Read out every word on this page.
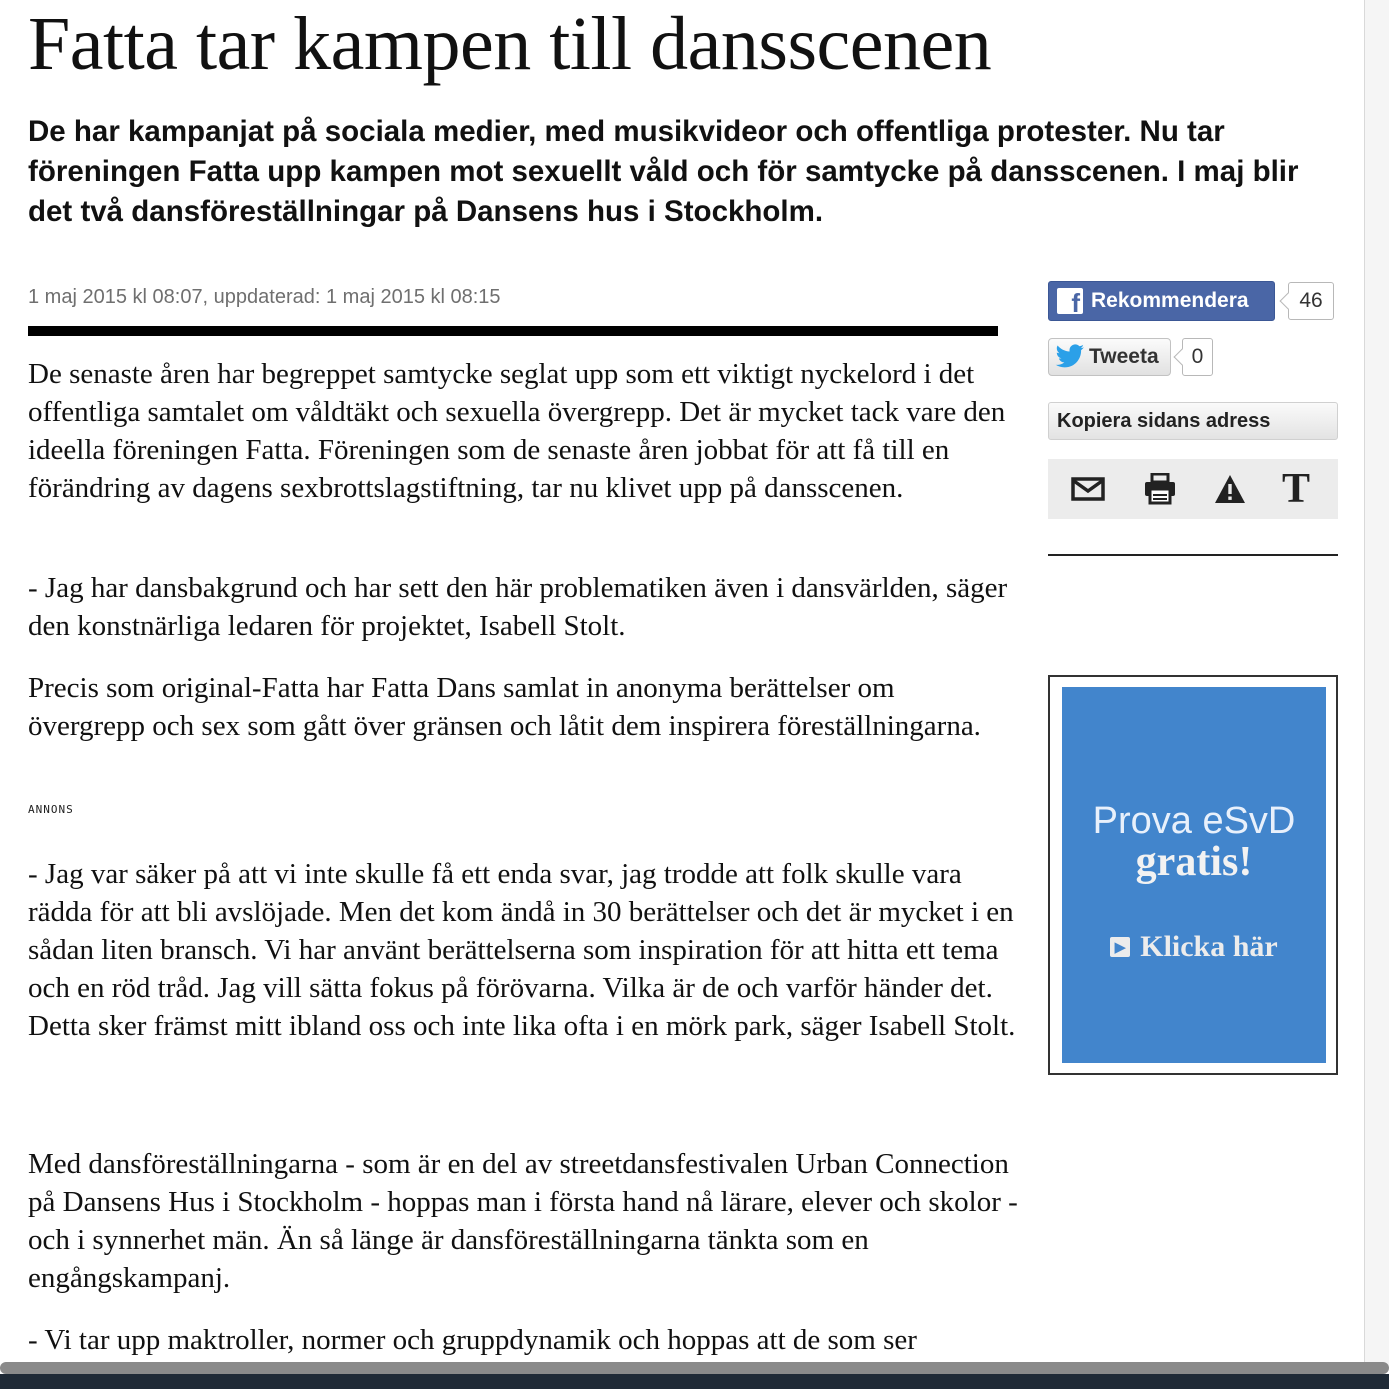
Fatta tar kampen till dansscenen

De har kampanjat på sociala medier, med musikvideor och offentliga protester. Nu tar föreningen Fatta upp kampen mot sexuellt våld och för samtycke på dansscenen. I maj blir det två dansföreställningar på Dansens hus i Stockholm.

1 maj 2015 kl 08:07, uppdaterad: 1 maj 2015 kl 08:15

De senaste åren har begreppet samtycke seglat upp som ett viktigt nyckelord i det offentliga samtalet om våldtäkt och sexuella övergrepp. Det är mycket tack vare den ideella föreningen Fatta. Föreningen som de senaste åren jobbat för att få till en förändring av dagens sexbrottslagstiftning, tar nu klivet upp på dansscenen.

- Jag har dansbakgrund och har sett den här problematiken även i dansvärlden, säger den konstnärliga ledaren för projektet, Isabell Stolt.

Precis som original-Fatta har Fatta Dans samlat in anonyma berättelser om övergrepp och sex som gått över gränsen och låtit dem inspirera föreställningarna.

ANNONS

- Jag var säker på att vi inte skulle få ett enda svar, jag trodde att folk skulle vara rädda för att bli avslöjade. Men det kom ändå in 30 berättelser och det är mycket i en sådan liten bransch. Vi har använt berättelserna som inspiration för att hitta ett tema och en röd tråd. Jag vill sätta fokus på förövarna. Vilka är de och varför händer det. Detta sker främst mitt ibland oss och inte lika ofta i en mörk park, säger Isabell Stolt.

Med dansföreställningarna - som är en del av streetdansfestivalen Urban Connection på Dansens Hus i Stockholm - hoppas man i första hand nå lärare, elever och skolor - och i synnerhet män. Än så länge är dansföreställningarna tänkta som en engångskampanj.

- Vi tar upp maktroller, normer och gruppdynamik och hoppas att de som ser

f Rekommendera	46
Tweeta	0
Kopiera sidans adress
T
Prova eSvD
gratis!
▶ Klicka här
